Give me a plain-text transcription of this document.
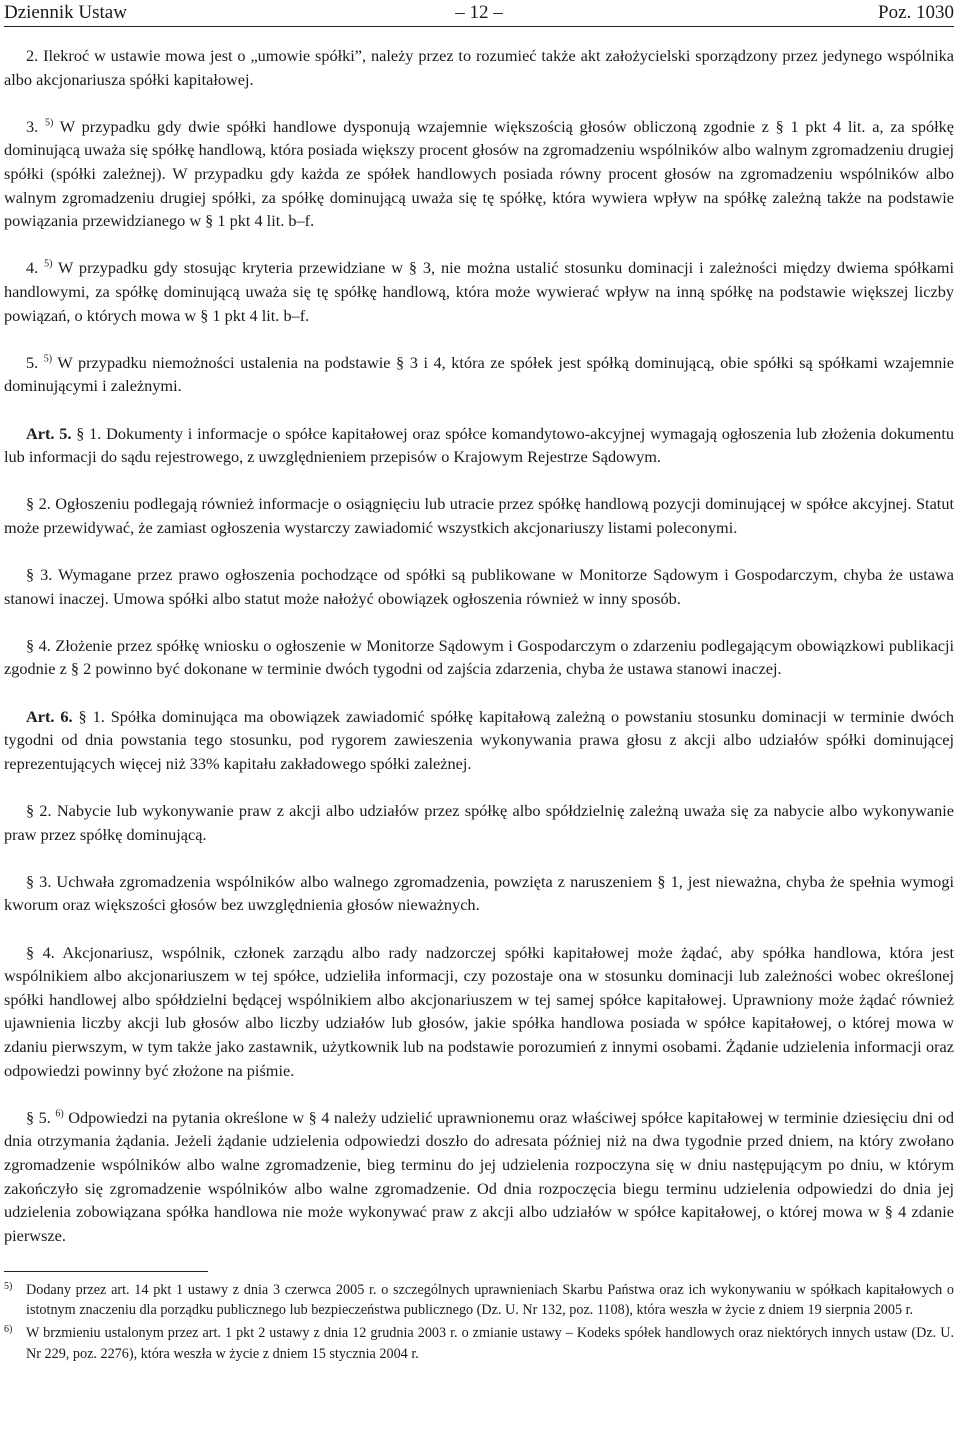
Dziennik Ustaw	– 12 –	Poz. 1030

2. Ilekroć w ustawie mowa jest o „umowie spółki”, należy przez to rozumieć także akt założycielski sporządzony przez jedynego wspólnika albo akcjonariusza spółki kapitałowej.

3. $^{5)}$ W przypadku gdy dwie spółki handlowe dysponują wzajemnie większością głosów obliczoną zgodnie z § 1 pkt 4 lit. a, za spółkę dominującą uważa się spółkę handlową, która posiada większy procent głosów na zgromadzeniu wspólników albo walnym zgromadzeniu drugiej spółki (spółki zależnej). W przypadku gdy każda ze spółek handlowych posiada równy procent głosów na zgromadzeniu wspólników albo walnym zgromadzeniu drugiej spółki, za spółkę dominującą uważa się tę spółkę, która wywiera wpływ na spółkę zależną także na podstawie powiązania przewidzianego w § 1 pkt 4 lit. b–f.

4. $^{5)}$ W przypadku gdy stosując kryteria przewidziane w § 3, nie można ustalić stosunku dominacji i zależności między dwiema spółkami handlowymi, za spółkę dominującą uważa się tę spółkę handlową, która może wywierać wpływ na inną spółkę na podstawie większej liczby powiązań, o których mowa w § 1 pkt 4 lit. b–f.

5. $^{5)}$ W przypadku niemożności ustalenia na podstawie § 3 i 4, która ze spółek jest spółką dominującą, obie spółki są spółkami wzajemnie dominującymi i zależnymi.

Art. 5. § 1. Dokumenty i informacje o spółce kapitałowej oraz spółce komandytowo-akcyjnej wymagają ogłoszenia lub złożenia dokumentu lub informacji do sądu rejestrowego, z uwzględnieniem przepisów o Krajowym Rejestrze Sądowym.

§ 2. Ogłoszeniu podlegają również informacje o osiągnięciu lub utracie przez spółkę handlową pozycji dominującej w spółce akcyjnej. Statut może przewidywać, że zamiast ogłoszenia wystarczy zawiadomić wszystkich akcjonariuszy listami poleconymi.

§ 3. Wymagane przez prawo ogłoszenia pochodzące od spółki są publikowane w Monitorze Sądowym i Gospodarczym, chyba że ustawa stanowi inaczej. Umowa spółki albo statut może nałożyć obowiązek ogłoszenia również w inny sposób.

§ 4. Złożenie przez spółkę wniosku o ogłoszenie w Monitorze Sądowym i Gospodarczym o zdarzeniu podlegającym obowiązkowi publikacji zgodnie z § 2 powinno być dokonane w terminie dwóch tygodni od zajścia zdarzenia, chyba że ustawa stanowi inaczej.

Art. 6. § 1. Spółka dominująca ma obowiązek zawiadomić spółkę kapitałową zależną o powstaniu stosunku dominacji w terminie dwóch tygodni od dnia powstania tego stosunku, pod rygorem zawieszenia wykonywania prawa głosu z akcji albo udziałów spółki dominującej reprezentujących więcej niż 33% kapitału zakładowego spółki zależnej.

§ 2. Nabycie lub wykonywanie praw z akcji albo udziałów przez spółkę albo spółdzielnię zależną uważa się za nabycie albo wykonywanie praw przez spółkę dominującą.

§ 3. Uchwała zgromadzenia wspólników albo walnego zgromadzenia, powzięta z naruszeniem § 1, jest nieważna, chyba że spełnia wymogi kworum oraz większości głosów bez uwzględnienia głosów nieważnych.

§ 4. Akcjonariusz, wspólnik, członek zarządu albo rady nadzorczej spółki kapitałowej może żądać, aby spółka handlowa, która jest wspólnikiem albo akcjonariuszem w tej spółce, udzieliła informacji, czy pozostaje ona w stosunku dominacji lub zależności wobec określonej spółki handlowej albo spółdzielni będącej wspólnikiem albo akcjonariuszem w tej samej spółce kapitałowej. Uprawniony może żądać również ujawnienia liczby akcji lub głosów albo liczby udziałów lub głosów, jakie spółka handlowa posiada w spółce kapitałowej, o której mowa w zdaniu pierwszym, w tym także jako zastawnik, użytkownik lub na podstawie porozumień z innymi osobami. Żądanie udzielenia informacji oraz odpowiedzi powinny być złożone na piśmie.

§ 5. $^{6)}$ Odpowiedzi na pytania określone w § 4 należy udzielić uprawnionemu oraz właściwej spółce kapitałowej w terminie dziesięciu dni od dnia otrzymania żądania. Jeżeli żądanie udzielenia odpowiedzi doszło do adresata później niż na dwa tygodnie przed dniem, na który zwołano zgromadzenie wspólników albo walne zgromadzenie, bieg terminu do jej udzielenia rozpoczyna się w dniu następującym po dniu, w którym zakończyło się zgromadzenie wspólników albo walne zgromadzenie. Od dnia rozpoczęcia biegu terminu udzielenia odpowiedzi do dnia jej udzielenia zobowiązana spółka handlowa nie może wykonywać praw z akcji albo udziałów w spółce kapitałowej, o której mowa w § 4 zdanie pierwsze.

5) Dodany przez art. 14 pkt 1 ustawy z dnia 3 czerwca 2005 r. o szczególnych uprawnieniach Skarbu Państwa oraz ich wykonywaniu w spółkach kapitałowych o istotnym znaczeniu dla porządku publicznego lub bezpieczeństwa publicznego (Dz. U. Nr 132, poz. 1108), która weszła w życie z dniem 19 sierpnia 2005 r.
6) W brzmieniu ustalonym przez art. 1 pkt 2 ustawy z dnia 12 grudnia 2003 r. o zmianie ustawy – Kodeks spółek handlowych oraz niektórych innych ustaw (Dz. U. Nr 229, poz. 2276), która weszła w życie z dniem 15 stycznia 2004 r.
